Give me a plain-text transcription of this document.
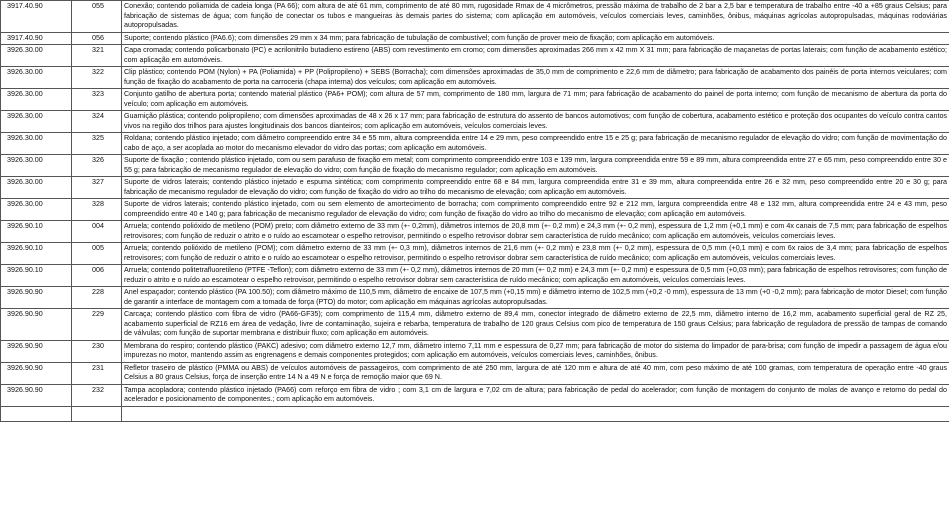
3917.40.90	055	Conexão; contendo poliamida de cadeia longa (PA 66); com altura de até 61 mm, comprimento de até 80 mm, rugosidade Rmax de 4 micrômetros, pressão máxima de trabalho de 2 bar a 2,5 bar e temperatura de trabalho entre -40 a +85 graus Celsius; para fabricação de sistemas de água; com função de conectar os tubos e mangueiras às demais partes do sistema; com aplicação em automóveis, veículos comerciais leves, caminhões, ônibus, máquinas agrícolas autopropulsadas, máquinas rodoviárias autopropulsadas.
3917.40.90	056	Suporte; contendo plástico (PA6.6); com dimensões 29 mm x 34 mm; para fabricação de tubulação de combustível; com função de prover meio de fixação; com aplicação em automóveis.
3926.30.00	321	Capa cromada; contendo policarbonato (PC) e acrilonitrilo butadieno estireno (ABS) com revestimento em cromo; com dimensões aproximadas 266 mm x 42 mm X 31 mm; para fabricação de maçanetas de portas laterais; com função de acabamento estético; com aplicação em automóveis.
3926.30.00	322	Clip plástico; contendo POM (Nylon) + PA (Poliamida) + PP (Polipropileno) + SEBS (Borracha); com dimensões aproximadas de 35,0 mm de comprimento e 22,6 mm de diâmetro; para fabricação de acabamento dos painéis de porta internos veiculares; com função de fixação do acabamento de porta na carroceria (chapa interna) dos veículos; com aplicação em automóveis.
3926.30.00	323	Conjunto gatilho de abertura porta; contendo material plástico (PA6+ POM); com altura de 57 mm, comprimento de 180 mm, largura de 71 mm; para fabricação de acabamento do painel de porta interno; com função de mecanismo de abertura da porta do veículo; com aplicação em automóveis.
3926.30.00	324	Guarnição plástica; contendo polipropileno; com dimensões aproximadas de 48 x 26 x 17 mm; para fabricação de estrutura do assento de bancos automotivos; com função de cobertura, acabamento estético e proteção dos ocupantes do veículo contra cantos vivos na região dos trilhos para ajustes longitudinais dos bancos dianteiros; com aplicação em automóveis, veículos comerciais leves.
3926.30.00	325	Roldana; contendo plástico injetado; com diâmetro compreendido entre 34 e 55 mm, altura compreendida entre 14 e 29 mm, peso compreendido entre 15 e 25 g; para fabricação de mecanismo regulador de elevação do vidro; com função de movimentação do cabo de aço, a ser acoplada ao motor do mecanismo elevador do vidro das portas; com aplicação em automóveis.
3926.30.00	326	Suporte de fixação ; contendo plástico injetado, com ou sem parafuso de fixação em metal; com comprimento compreendido entre 103 e 139 mm, largura compreendida entre 59 e 89 mm, altura compreendida entre 27 e 65 mm, peso compreendido entre 30 e 55 g; para fabricação de mecanismo regulador de elevação do vidro; com função de fixação do mecanismo regulador; com aplicação em automóveis.
3926.30.00	327	Suporte de vidros laterais; contendo plástico injetado e espuma sintética; com comprimento compreendido entre 68 e 84 mm, largura compreendida entre 31 e 39 mm, altura compreendida entre 26 e 32 mm, peso compreendido entre 20 e 30 g; para fabricação de mecanismo regulador de elevação do vidro; com função de fixação do vidro ao trilho do mecanismo de elevação; com aplicação em automóveis.
3926.30.00	328	Suporte de vidros laterais; contendo plástico injetado, com ou sem elemento de amortecimento de borracha; com comprimento compreendido entre 92 e 212 mm, largura compreendida entre 48 e 132 mm, altura compreendida entre 24 e 43 mm, peso compreendido entre 40 e 140 g; para fabricação de mecanismo regulador de elevação do vidro; com função de fixação do vidro ao trilho do mecanismo de elevação; com aplicação em automóveis.
3926.90.10	004	Arruela; contendo polióxido de metileno (POM) preto; com diâmetro externo de 33 mm (+- 0,2mm), diâmetros internos de 20,8 mm (+- 0,2 mm) e 24,3 mm (+- 0,2 mm), espessura de 1,2 mm (+0,1 mm) e com 4x canais de 7,5 mm; para fabricação de espelhos retrovisores; com função de reduzir o atrito e o ruído ao escamotear o espelho retrovisor, permitindo o espelho retrovisor dobrar sem característica de ruído mecânico; com aplicação em automóveis, veículos comerciais leves.
3926.90.10	005	Arruela; contendo polióxido de metileno (POM); com diâmetro externo de 33 mm (+- 0,3 mm), diâmetros internos de 21,6 mm (+- 0,2 mm) e 23,8 mm (+- 0,2 mm), espessura de 0,5 mm (+0,1 mm) e com 6x raios de 3,4 mm; para fabricação de espelhos retrovisores; com função de reduzir o atrito e o ruído ao escamotear o espelho retrovisor, permitindo o espelho retrovisor dobrar sem característica de ruído mecânico; com aplicação em automóveis, veículos comerciais leves.
3926.90.10	006	Arruela; contendo politetrafluoretileno (PTFE -Teflon); com diâmetro externo de 33 mm (+- 0,2 mm), diâmetros internos de 20 mm (+- 0,2 mm) e 24,3 mm (+- 0,2 mm) e espessura de 0,5 mm (+0,03 mm); para fabricação de espelhos retrovisores; com função de reduzir o atrito e o ruído ao escamotear o espelho retrovisor, permitindo o espelho retrovisor dobrar sem característica de ruído mecânico; com aplicação em automóveis, veículos comerciais leves.
3926.90.90	228	Anel espaçador; contendo plástico (PA 100.50); com diâmetro máximo de 110,5 mm, diâmetro de encaixe de 107,5 mm (+0,15 mm) e diâmetro interno de 102,5 mm (+0,2 -0 mm), espessura de 13 mm (+0 -0,2 mm); para fabricação de motor Diesel; com função de garantir a interface de montagem com a tomada de força (PTO) do motor; com aplicação em máquinas agrícolas autopropulsadas.
3926.90.90	229	Carcaça; contendo plástico com fibra de vidro (PA66-GF35); com comprimento de 115,4 mm, diâmetro externo de 89,4 mm, conector integrado de diâmetro externo de 22,5 mm, diâmetro interno de 16,2 mm, acabamento superficial geral de RZ 25, acabamento superficial de RZ16 em área de vedação, livre de contaminação, sujeira e rebarba, temperatura de trabalho de 120 graus Celsius com pico de temperatura de 150 graus Celsius; para fabricação de reguladora de pressão de tampas de comando de válvulas; com função de suportar membrana e distribuir fluxo; com aplicação em automóveis.
3926.90.90	230	Membrana do respiro; contendo plástico (PAKC) adesivo; com diâmetro externo 12,7 mm, diâmetro interno 7,11 mm e espessura de 0,27 mm; para fabricação de motor do sistema do limpador de para-brisa; com função de impedir a passagem de água e/ou impurezas no motor, mantendo assim as engrenagens e demais componentes protegidos; com aplicação em automóveis, veículos comerciais leves, caminhões, ônibus.
3926.90.90	231	Refletor traseiro de plástico (PMMA ou ABS) de veículos automóveis de passageiros, com comprimento de até 250 mm, largura de até 120 mm e altura de até 40 mm, com peso máximo de até 100 gramas, com temperatura de operação entre -40 graus Celsius a 80 graus Celsius, força de inserção entre 14 N a 49 N e força de remoção maior que 69 N.
3926.90.90	232	Tampa acopladora; contendo plástico injetado (PA66) com reforço em fibra de vidro ; com 3,1 cm de largura e 7,02 cm de altura; para fabricação de pedal do acelerador; com função de montagem do conjunto de molas de avanço e retorno do pedal do acelerador e posicionamento de componentes.; com aplicação em automóveis.
